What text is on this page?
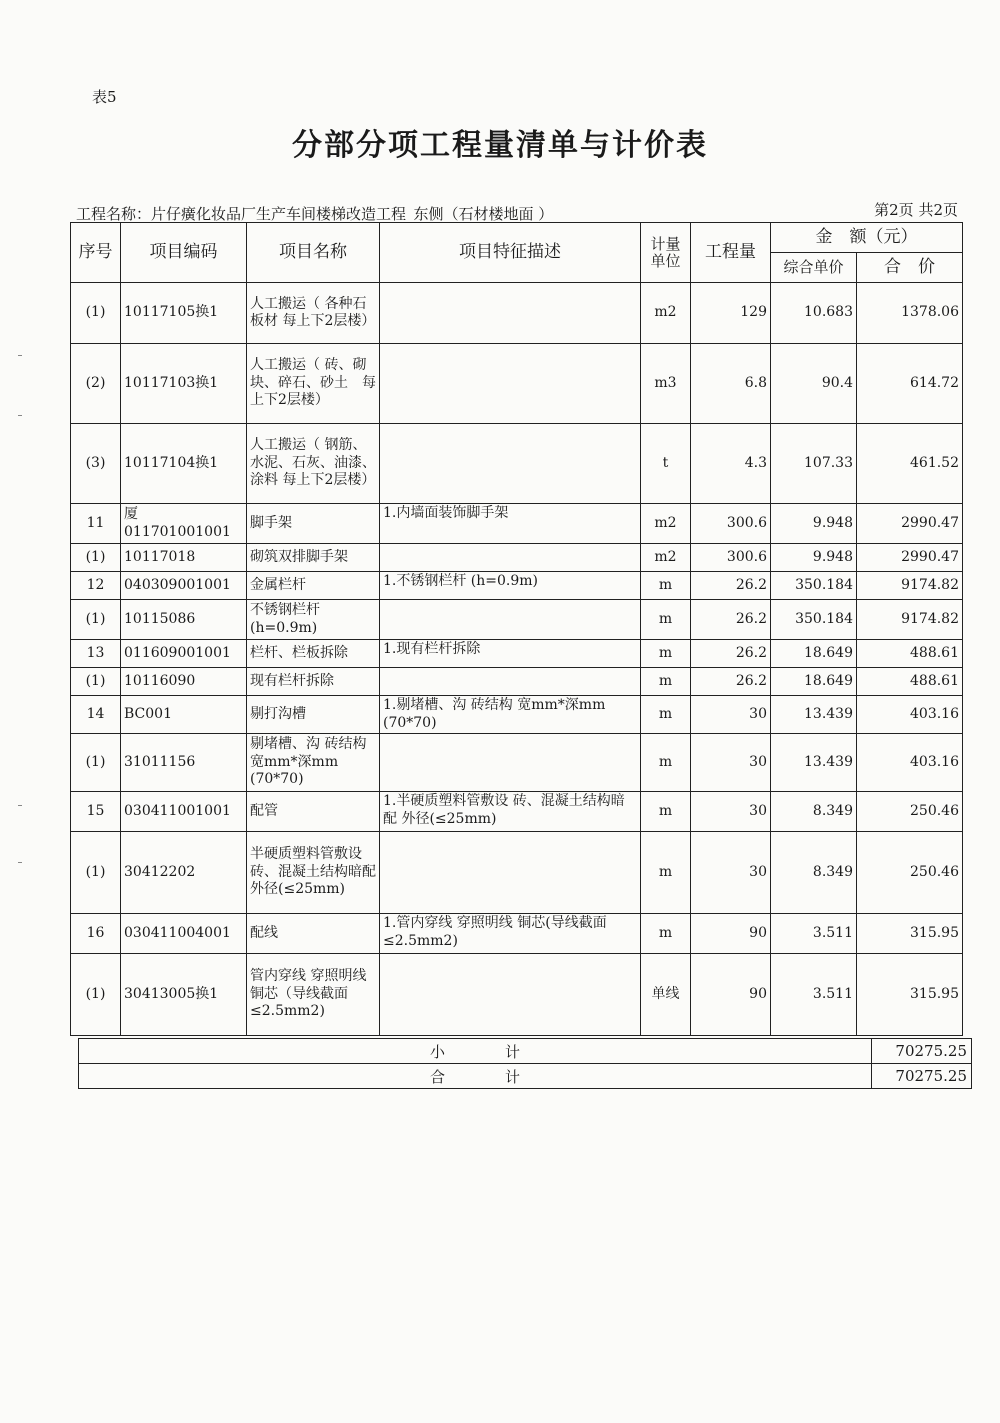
表5
分部分项工程量清单与计价表
工程名称：片仔癀化妆品厂生产车间楼梯改造工程_东侧（石材楼地面 ）	第2页 共2页
序号	项目编码	项目名称	项目特征描述	计量单位	工程量	金　额（元）	
						综合单价	合　价
(1)	10117105换1	人工搬运（ 各种石板材 每上下2层楼）		m2	129	10.683	1378.06
(2)	10117103换1	人工搬运（ 砖、砌块、碎石、砂土　每上下2层楼）		m3	6.8	90.4	614.72
(3)	10117104换1	人工搬运（ 钢筋、水泥、石灰、油漆、涂料 每上下2层楼）		t	4.3	107.33	461.52
11	厦011701001001	脚手架	1.内墙面装饰脚手架	m2	300.6	9.948	2990.47
(1)	10117018	砌筑双排脚手架		m2	300.6	9.948	2990.47
12	040309001001	金属栏杆	1.不锈钢栏杆 (h=0.9m)	m	26.2	350.184	9174.82
(1)	10115086	不锈钢栏杆(h=0.9m)		m	26.2	350.184	9174.82
13	011609001001	栏杆、栏板拆除	1.现有栏杆拆除	m	26.2	18.649	488.61
(1)	10116090	现有栏杆拆除		m	26.2	18.649	488.61
14	BC001	剔打沟槽	1.剔堵槽、沟 砖结构 宽mm*深mm (70*70)	m	30	13.439	403.16
(1)	31011156	剔堵槽、沟 砖结构 宽mm*深mm (70*70)		m	30	13.439	403.16
15	030411001001	配管	1.半硬质塑料管敷设 砖、混凝土结构暗配 外径(≤25mm)	m	30	8.349	250.46
(1)	30412202	半硬质塑料管敷设 砖、混凝土结构暗配 外径(≤25mm)		m	30	8.349	250.46
16	030411004001	配线	1.管内穿线 穿照明线 铜芯(导线截面≤2.5mm2)	m	90	3.511	315.95
(1)	30413005换1	管内穿线 穿照明线 铜芯（导线截面≤2.5mm2)		单线	90	3.511	315.95
小　　　　计	70275.25
合　　　　计	70275.25
